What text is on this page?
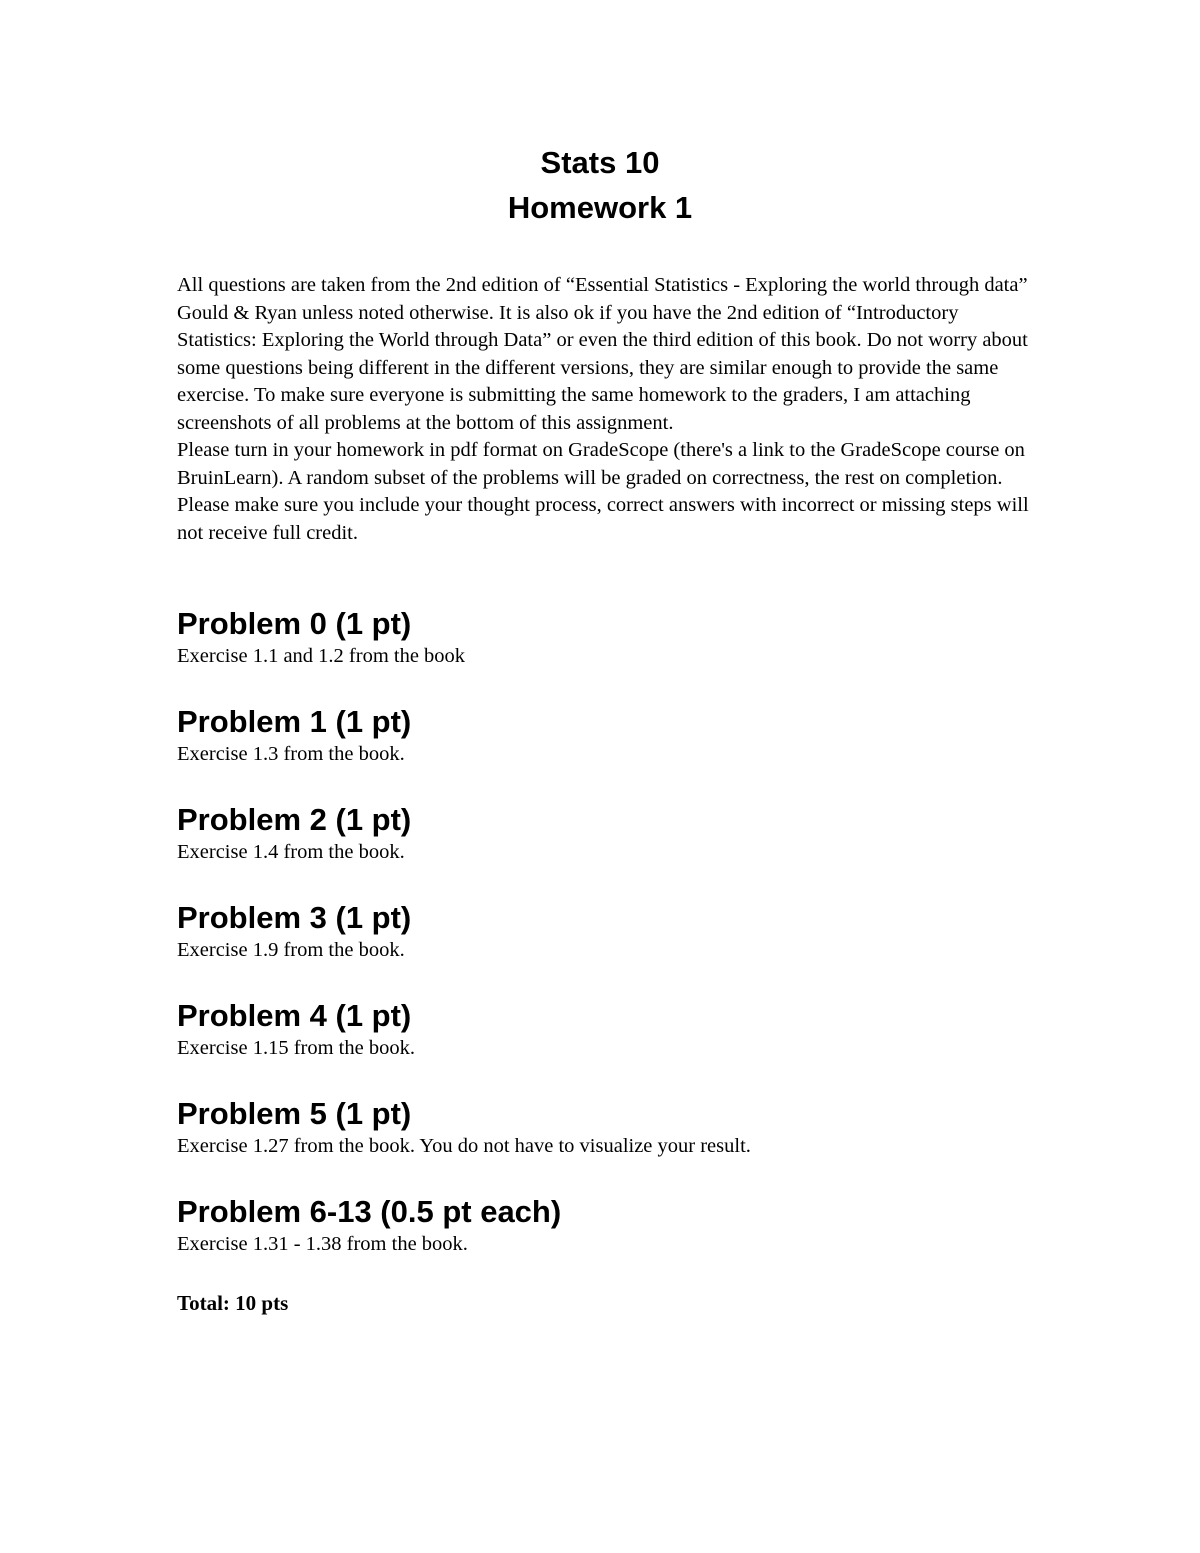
Stats 10
Homework 1

All questions are taken from the 2nd edition of “Essential Statistics - Exploring the world through data” Gould & Ryan unless noted otherwise. It is also ok if you have the 2nd edition of “Introductory Statistics: Exploring the World through Data” or even the third edition of this book. Do not worry about some questions being different in the different versions, they are similar enough to provide the same exercise. To make sure everyone is submitting the same homework to the graders, I am attaching screenshots of all problems at the bottom of this assignment.

Please turn in your homework in pdf format on GradeScope (there's a link to the GradeScope course on BruinLearn). A random subset of the problems will be graded on correctness, the rest on completion. Please make sure you include your thought process, correct answers with incorrect or missing steps will not receive full credit.

Problem 0 (1 pt)
Exercise 1.1 and 1.2 from the book
Problem 1 (1 pt)
Exercise 1.3 from the book.
Problem 2 (1 pt)
Exercise 1.4 from the book.
Problem 3 (1 pt)
Exercise 1.9 from the book.
Problem 4 (1 pt)
Exercise 1.15 from the book.
Problem 5 (1 pt)
Exercise 1.27 from the book. You do not have to visualize your result.
Problem 6-13 (0.5 pt each)
Exercise 1.31 - 1.38 from the book.
Total: 10 pts
